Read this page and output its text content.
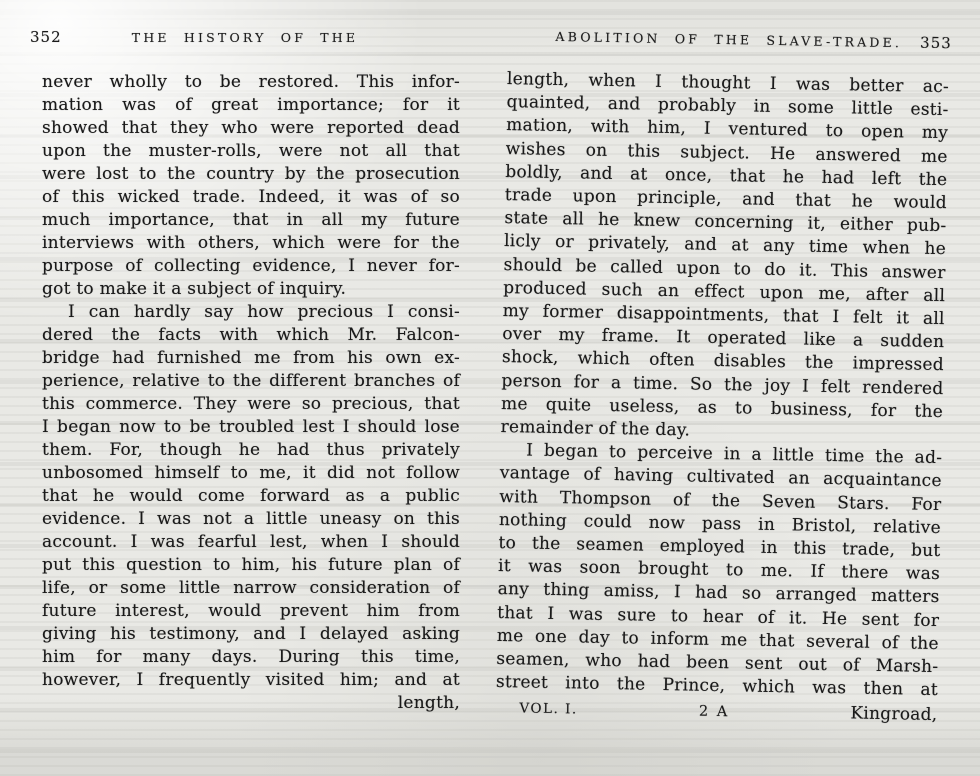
352	THE HISTORY OF THE
never wholly to be restored. This infor-
mation was of great importance; for it
showed that they who were reported dead
upon the muster-rolls, were not all that
were lost to the country by the prosecution
of this wicked trade. Indeed, it was of so
much importance, that in all my future
interviews with others, which were for the
purpose of collecting evidence, I never for-
got to make it a subject of inquiry.
I can hardly say how precious I consi-
dered the facts with which Mr. Falcon-
bridge had furnished me from his own ex-
perience, relative to the different branches of
this commerce. They were so precious, that
I began now to be troubled lest I should lose
them. For, though he had thus privately
unbosomed himself to me, it did not follow
that he would come forward as a public
evidence. I was not a little uneasy on this
account. I was fearful lest, when I should
put this question to him, his future plan of
life, or some little narrow consideration of
future interest, would prevent him from
giving his testimony, and I delayed asking
him for many days. During this time,
however, I frequently visited him; and at
length,
ABOLITION OF THE SLAVE-TRADE.	353
length, when I thought I was better ac-
quainted, and probably in some little esti-
mation, with him, I ventured to open my
wishes on this subject. He answered me
boldly, and at once, that he had left the
trade upon principle, and that he would
state all he knew concerning it, either pub-
licly or privately, and at any time when he
should be called upon to do it. This answer
produced such an effect upon me, after all
my former disappointments, that I felt it all
over my frame. It operated like a sudden
shock, which often disables the impressed
person for a time. So the joy I felt rendered
me quite useless, as to business, for the
remainder of the day.
I began to perceive in a little time the ad-
vantage of having cultivated an acquaintance
with Thompson of the Seven Stars. For
nothing could now pass in Bristol, relative
to the seamen employed in this trade, but
it was soon brought to me. If there was
any thing amiss, I had so arranged matters
that I was sure to hear of it. He sent for
me one day to inform me that several of the
seamen, who had been sent out of Marsh-
street into the Prince, which was then at
VOL. I.	2 A	Kingroad,
